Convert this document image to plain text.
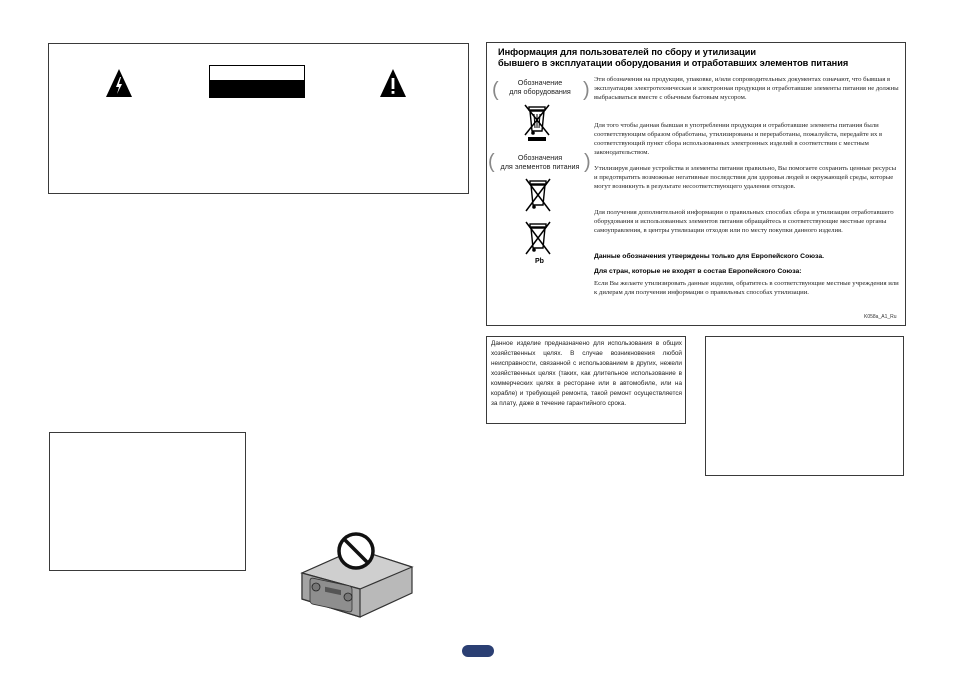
Информация для пользователей по сбору и утилизации
бывшего в эксплуатации оборудования и отработавших элементов питания
(	)
Обозначение
для оборудования
(	)
Обозначения
для элементов питания
Pb
Эти обозначения на продукции, упаковке, и/или сопроводительных документах означают, что бывшая в эксплуатации электротехническая и электронная продукция и отработавшие элементы питания не должны выбрасываться вместе с обычным бытовым мусором.
Для того чтобы данная бывшая в употреблении продукция и отработавшие элементы питания были соответствующим образом обработаны, утилизированы и переработаны, пожалуйста, передайте их в соответствующий пункт сбора использованных электронных изделий в соответствии с местным законодательством.
Утилизируя данные устройства и элементы питания правильно, Вы помогаете сохранить ценные ресурсы и предотвратить возможные негативные последствия для здоровья людей и окружающей среды, которые могут возникнуть в результате несоответствующего удаления отходов.
Для получения дополнительной информации о правильных способах сбора и утилизации отработавшего оборудования и использованных элементов питания обращайтесь в соответствующие местные органы самоуправления, в центры утилизации отходов или по месту покупки данного изделия.
Данные обозначения утверждены только для Европейского Союза.
Для стран, которые не входят в состав Европейского Союза:
Если Вы желаете утилизировать данные изделия, обратитесь в соответствующие местные учреждения или к дилерам для получения информации о правильных способах утилизации.
K058a_A1_Ru
Данное изделие предназначено для использования в общих хозяйственных целях. В случае возникновения любой неисправности, связанной с использованием в других, нежели хозяйственных целях (таких, как длительное использование в коммерческих целях в ресторане или в автомобиле, или на корабле) и требующей ремонта, такой ремонт осуществляется за плату, даже в течение гарантийного срока.
